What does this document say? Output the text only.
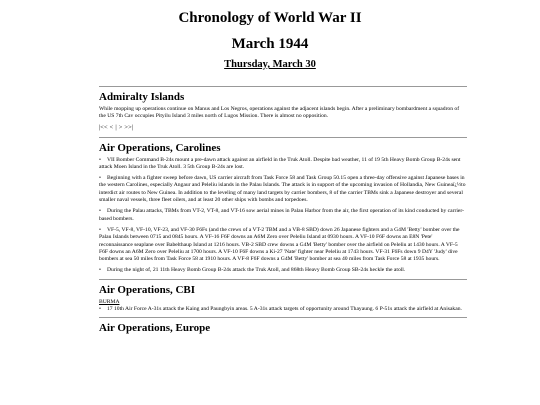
Chronology of World War II
March 1944
Thursday, March 30
Admiralty Islands

While mopping up operations continue on Manus and Los Negros, operations against the adjacent islands begin. After a preliminary bombardment a squadron of the US 7th Cav occupies Pityilu Island 3 miles north of Lugos Mission. There is almost no opposition.

|<< < | > >>|
Air Operations, Carolines
• VII Bomber Command B-24s mount a pre-dawn attack against an airfield in the Truk Atoll. Despite bad weather, 11 of 19 5th Heavy Bomb Group B-24s sent attack Moen Island in the Truk Atoll. 3 5th Group B-24s are lost.
• Beginning with a fighter sweep before dawn, US carrier aircraft from Task Force 58 and Task Group 50.15 open a three-day offensive against Japanese bases in the western Carolines, especially Angaur and Peleliu islands in the Palau Islands. The attack is in support of the upcoming invasion of Hollandia, New Guineaï¿½to interdict air routes to New Guinea. In addition to the leveling of many land targets by carrier bombers, 8 of the carrier TBMs sink a Japanese destroyer and several smaller naval vessels, three fleet oilers, and at least 20 other ships with bombs and torpedoes.
• During the Palau attacks, TBMs from VT-2, VT-8, and VT-16 sow aerial mines in Palau Harbor from the air, the first operation of its kind conducted by carrier-based bombers.
• VF-5, VF-8, VF-10, VF-23, and VF-30 F6Fs (and the crews of a VT-2 TBM and a VB-8 SBD) down 26 Japanese fighters and a G4M 'Betty' bomber over the Palau Islands between 0715 and 0845 hours. A VF-16 F6F downs an A6M Zero over Peleliu Island at 0930 hours. A VF-10 F6F downs an E8N 'Pete' reconnaissance seaplane over Babelthaup Island at 1216 hours. VB-2 SBD crew downs a G4M 'Betty' bomber over the airfield on Peleliu at 1430 hours. A VF-5 F6F downs an A6M Zero over Peleliu at 1700 hours. A VF-10 F6F downs a Ki-27 'Nate' fighter near Peleliu at 1743 hours. VF-31 F6Fs down 9 D4Y 'Judy' dive bombers at sea 50 miles from Task Force 58 at 1910 hours. A VF-8 F6F downs a G4M 'Betty' bomber at sea 40 miles from Task Force 58 at 1935 hours.
• During the night of, 21 11th Heavy Bomb Group B-24s attack the Truk Atoll, and 868th Heavy Bomb Group SB-24s heckle the atoll.
Air Operations, CBI
BURMA
• 17 10th Air Force A-31s attack the Kaing and Paungbyin areas. 5 A-31s attack targets of opportunity around Thayaung. 6 P-51s attack the airfield at Anisakan.
Air Operations, Europe
